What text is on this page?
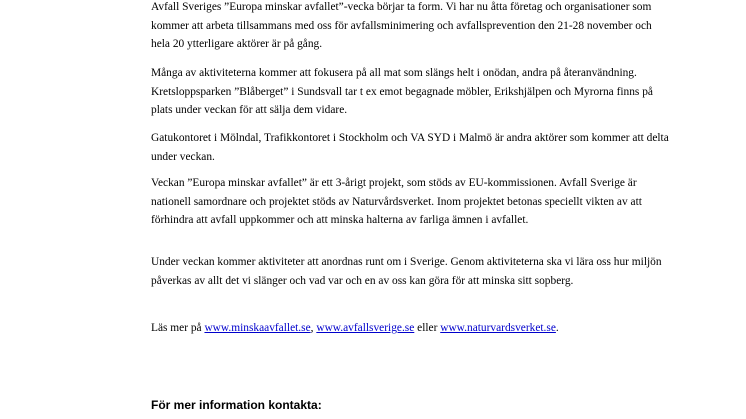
Avfall Sveriges ”Europa minskar avfallet”-vecka börjar ta form. Vi har nu åtta företag och organisationer som kommer att arbeta tillsammans med oss för avfallsminimering och avfallsprevention den 21-28 november och hela 20 ytterligare aktörer är på gång.

Många av aktiviteterna kommer att fokusera på all mat som slängs helt i onödan, andra på återanvändning. Kretsloppsparken ”Blåberget” i Sundsvall tar t ex emot begagnade möbler, Erikshjälpen och Myrorna finns på plats under veckan för att sälja dem vidare.

Gatukontoret i Mölndal, Trafikkontoret i Stockholm och VA SYD i Malmö är andra aktörer som kommer att delta under veckan.

Veckan ”Europa minskar avfallet” är ett 3-årigt projekt, som stöds av EU-kommissionen. Avfall Sverige är nationell samordnare och projektet stöds av Naturvårdsverket. Inom projektet betonas speciellt vikten av att förhindra att avfall uppkommer och att minska halterna av farliga ämnen i avfallet.

Under veckan kommer aktiviteter att anordnas runt om i Sverige. Genom aktiviteterna ska vi lära oss hur miljön påverkas av allt det vi slänger och vad var och en av oss kan göra för att minska sitt sopberg.

Läs mer på www.minskaavfallet.se, www.avfallsverige.se eller www.naturvardsverket.se.

För mer information kontakta:
